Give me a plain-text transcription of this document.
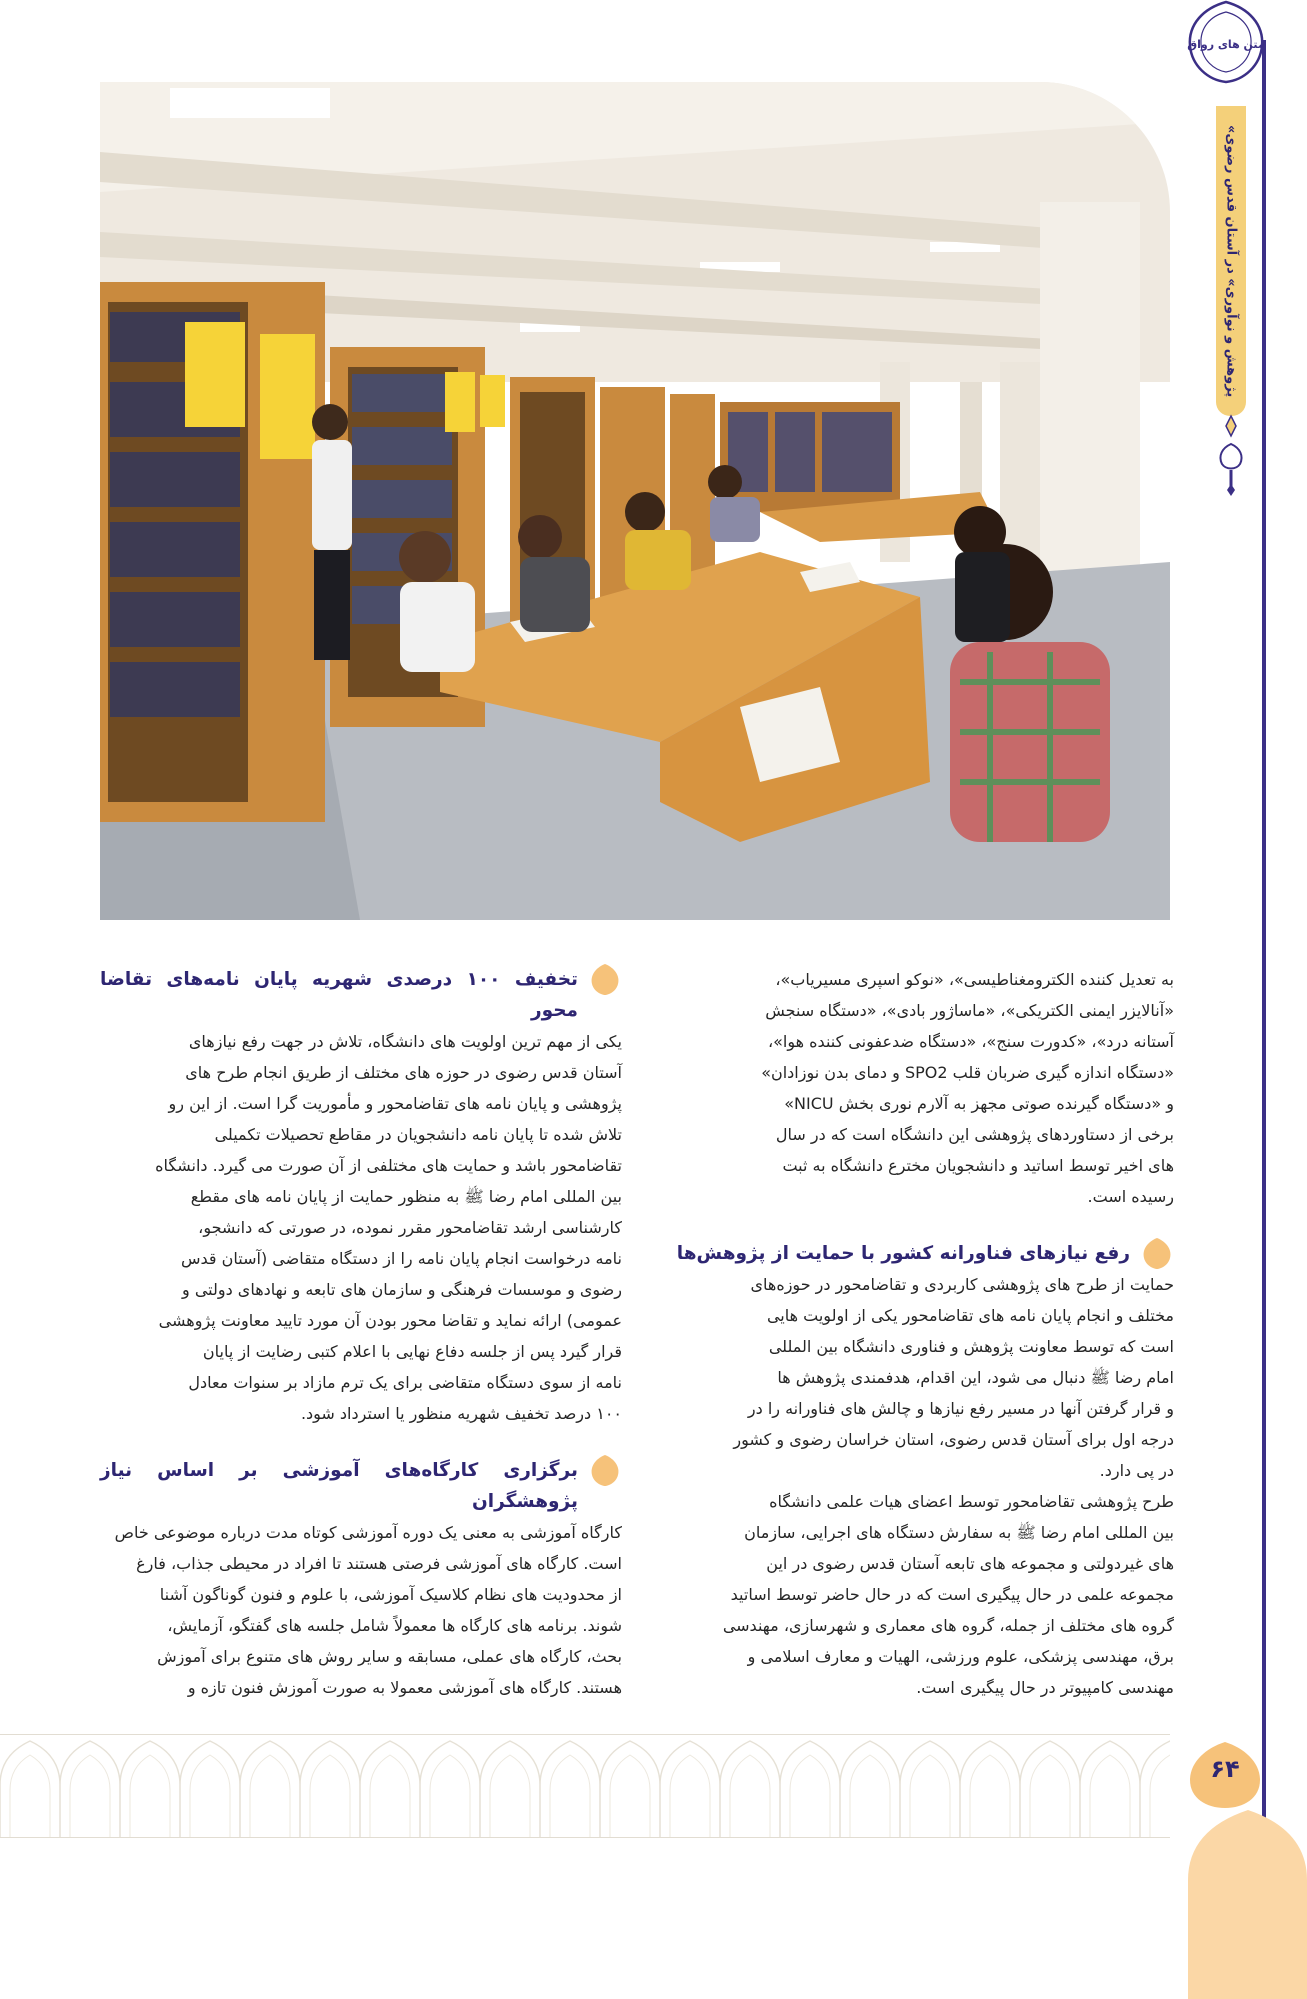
متن های رواق
«پژوهش و نوآوری» در آستان قدس رضوی
به تعدیل کننده الکترومغناطیسی»، «نوکو اسپری مسیریاب»،
«آنالایزر ایمنی الکتریکی»، «ماساژور بادی»، «دستگاه سنجش
آستانه درد»، «کدورت سنج»، «دستگاه ضدعفونی کننده هوا»،
«دستگاه اندازه گیری ضربان قلب SPO2 و دمای بدن نوزادان»
و «دستگاه گیرنده صوتی مجهز به آلارم نوری بخش NICU»
برخی از دستاوردهای پژوهشی این دانشگاه است که در سال
های اخیر توسط اساتید و دانشجویان مخترع دانشگاه به ثبت
رسیده است.
رفع نیازهای فناورانه کشور با حمایت از پژوهش‌ها
حمایت از طرح های پژوهشی کاربردی و تقاضامحور در حوزه‌های
مختلف و انجام پایان نامه های تقاضامحور یکی از اولویت هایی
است که توسط معاونت پژوهش و فناوری دانشگاه بین المللی
امام رضا ﷺ دنبال می شود، این اقدام، هدفمندی پژوهش ها
و قرار گرفتن آنها در مسیر رفع نیازها و چالش های فناورانه را در
درجه اول برای آستان قدس رضوی، استان خراسان رضوی و کشور
در پی دارد.
طرح پژوهشی تقاضامحور توسط اعضای هیات علمی دانشگاه
بین المللی امام رضا ﷺ به سفارش دستگاه های اجرایی، سازمان
های غیردولتی و مجموعه های تابعه آستان قدس رضوی در این
مجموعه علمی در حال پیگیری است که در حال حاضر توسط اساتید
گروه های مختلف از جمله، گروه های معماری و شهرسازی، مهندسی
برق، مهندسی پزشکی، علوم ورزشی، الهیات و معارف اسلامی و
مهندسی کامپیوتر در حال پیگیری است.
تخفیف ۱۰۰ درصدی شهریه پایان نامه‌های تقاضا محور
یکی از مهم ترین اولویت های دانشگاه، تلاش در جهت رفع نیازهای
آستان قدس رضوی در حوزه های مختلف از طریق انجام طرح های
پژوهشی و پایان نامه های تقاضامحور و مأموریت گرا است. از این رو
تلاش شده تا پایان نامه دانشجویان در مقاطع تحصیلات تکمیلی
تقاضامحور باشد و حمایت های مختلفی از آن صورت می گیرد. دانشگاه
بین المللی امام رضا ﷺ به منظور حمایت از پایان نامه های مقطع
کارشناسی ارشد تقاضامحور مقرر نموده، در صورتی که دانشجو،
نامه درخواست انجام پایان نامه را از دستگاه متقاضی (آستان قدس
رضوی و موسسات فرهنگی و سازمان های تابعه و نهادهای دولتی و
عمومی) ارائه نماید و تقاضا محور بودن آن مورد تایید معاونت پژوهشی
قرار گیرد پس از جلسه دفاع نهایی با اعلام کتبی رضایت از پایان
نامه از سوی دستگاه متقاضی برای یک ترم مازاد بر سنوات معادل
۱۰۰ درصد تخفیف شهریه منظور یا استرداد شود.
برگزاری کارگاه‌های آموزشی بر اساس نیاز پژوهشگران
کارگاه آموزشی به معنی یک دوره آموزشی کوتاه مدت درباره موضوعی خاص
است. کارگاه های آموزشی فرصتی هستند تا افراد در محیطی جذاب، فارغ
از محدودیت های نظام کلاسیک آموزشی، با علوم و فنون گوناگون آشنا
شوند. برنامه های کارگاه ها معمولاً شامل جلسه های گفتگو، آزمایش،
بحث، کارگاه های عملی، مسابقه و سایر روش های متنوع برای آموزش
هستند. کارگاه های آموزشی معمولا به صورت آموزش فنون تازه و
۶۴
